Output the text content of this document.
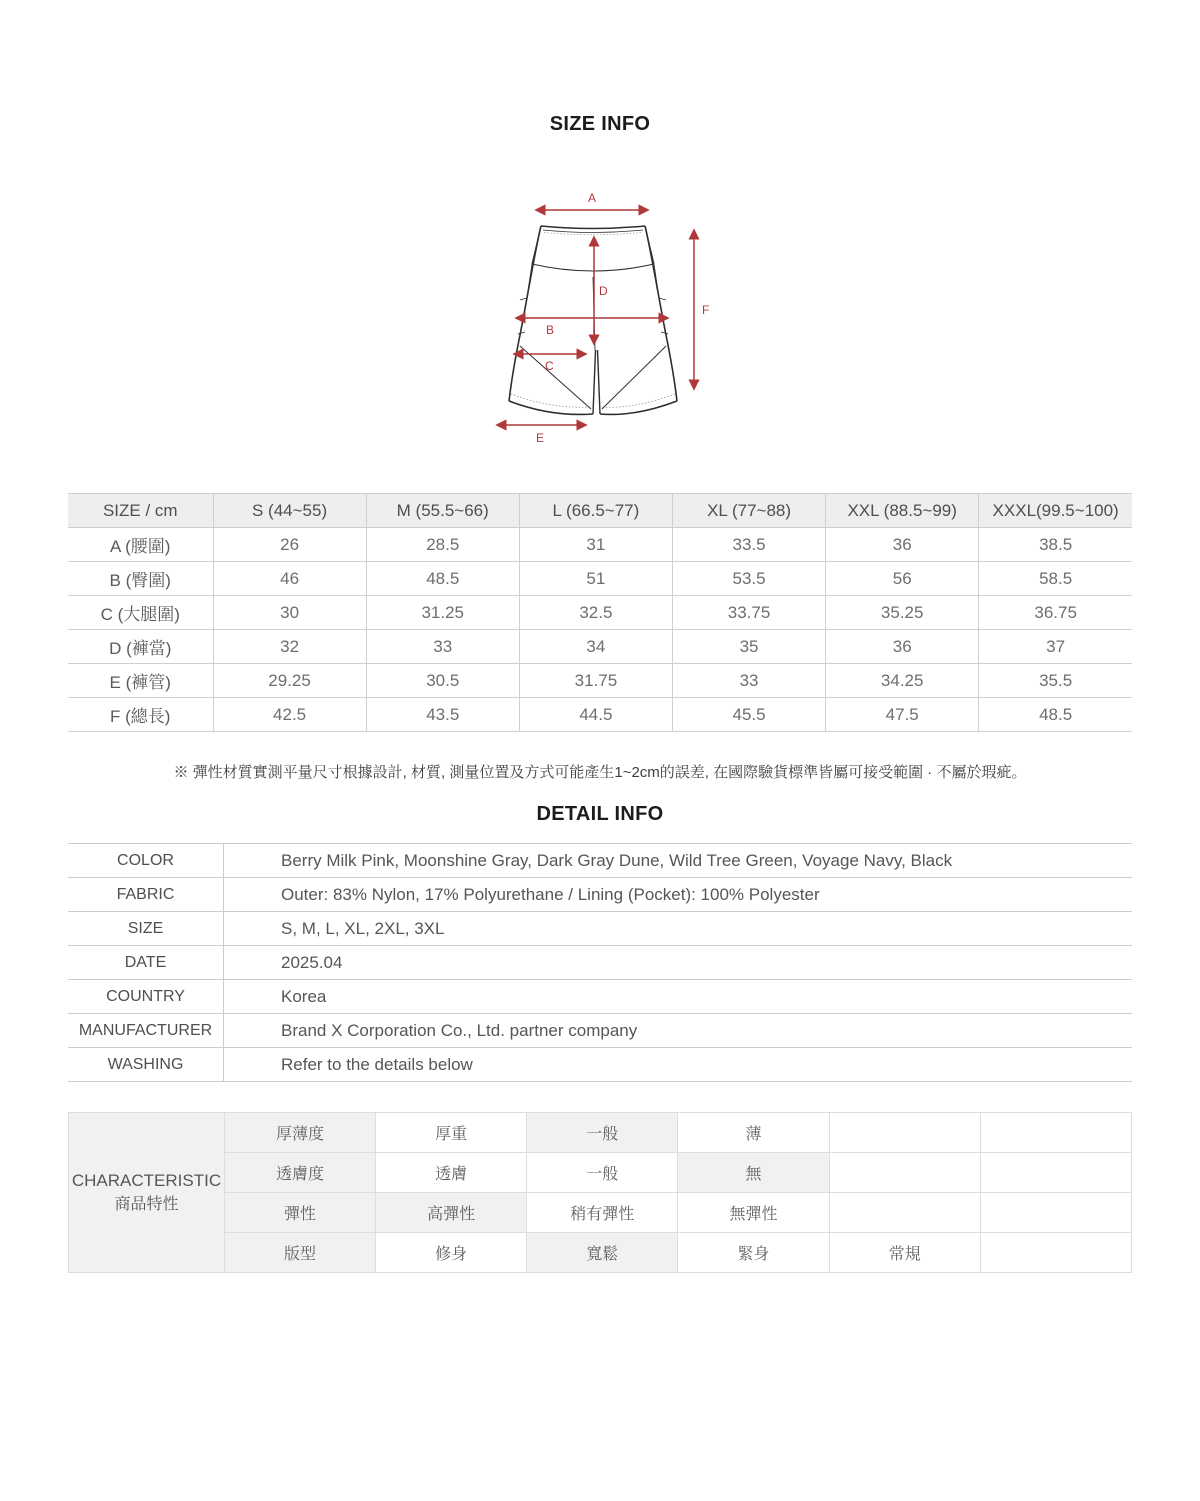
SIZE INFO
A
B
C
D
E
F
SIZE / cm	S (44~55)	M (55.5~66)	L (66.5~77)	XL (77~88)	XXL (88.5~99)	XXXL(99.5~100)
A (腰圍)	26	28.5	31	33.5	36	38.5
B (臀圍)	46	48.5	51	53.5	56	58.5
C (大腿圍)	30	31.25	32.5	33.75	35.25	36.75
D (褲當)	32	33	34	35	36	37
E (褲管)	29.25	30.5	31.75	33	34.25	35.5
F (總長)	42.5	43.5	44.5	45.5	47.5	48.5
※ 彈性材質實測平量尺寸根據設計, 材質, 測量位置及方式可能產生1~2cm的誤差, 在國際驗貨標準皆屬可接受範圍 · 不屬於瑕疵。
DETAIL INFO
COLOR	Berry Milk Pink, Moonshine Gray, Dark Gray Dune, Wild Tree Green, Voyage Navy, Black
FABRIC	Outer: 83% Nylon, 17% Polyurethane / Lining (Pocket): 100% Polyester
SIZE	S, M, L, XL, 2XL, 3XL
DATE	2025.04
COUNTRY	Korea
MANUFACTURER	Brand X Corporation Co., Ltd. partner company
WASHING	Refer to the details below
CHARACTERISTIC
商品特性	厚薄度	厚重	一般	薄		
	透膚度	透膚	一般	無		
	彈性	高彈性	稍有彈性	無彈性		
	版型	修身	寬鬆	緊身	常規	
